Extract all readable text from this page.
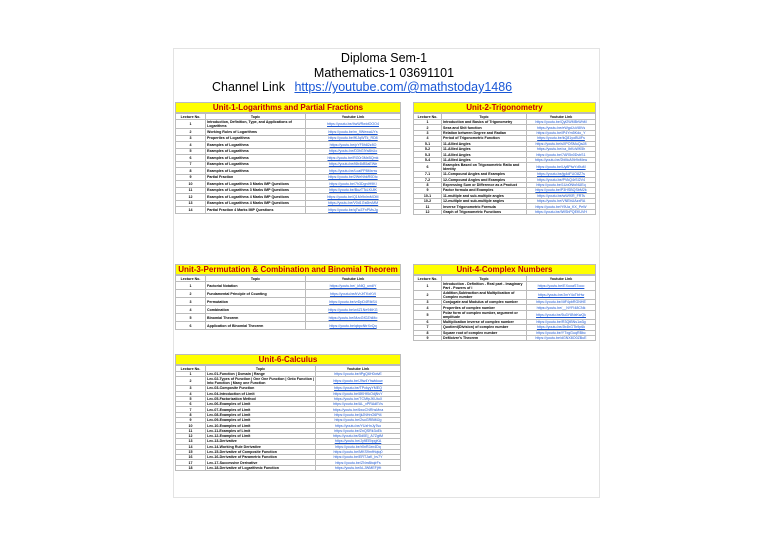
Diploma Sem-1
Mathematics-1 03691101
Channel Link https://youtube.com/@mathstoday1486
Unit-1-Logarithms and Partial Fractions
Lecture No.	Topic	Youtube Link
1	Introduction, Definition, Type, and Applications of Logarithms	https://youtu.be/4wWRwidOOO4
2	Working Rules of Logarithms	https://youtu.be/m_9WewaUYs
3	Properties of Logarithms	https://youtu.be/fKJqWTk_RD8
4	Examples of Logarithms	https://youtu.be/pYF5h82z8O
5	Examples of Logarithms	https://youtu.be/D3hGlYa8bUo
6	Examples of Logarithms	https://youtu.be/RG0r3MxBQmk
7	Examples of Logarithms	https://youtu.be/i6b4kB5aEWe
8	Examples of Logarithms	https://youtu.be/LcaiFP8Mxnw
9	Partial Fraction	https://youtu.be/2WeNhkR0Dtc
10	Examples of Logarithms 3 Marks IMP Questions	https://youtu.be/7h3DgnIH9KI
11	Examples of Logarithms 3 Marks IMP Questions	https://youtu.be/BuzTTcLKUlK
12	Examples of Logarithms 4 Marks IMP Questions	https://youtu.be/Q1Mr9nlmMOM
13	Examples of Logarithms 4 Marks IMP Questions	https://youtu.be/V0d1Gs6bvMM
14	Partial Fraction 4 Marks IMP Questions	https://youtu.be/qTwZFnPMsJg
Unit-2-Trigonometry
Lecture No.	Topic	Youtube Link
1	Introduction and Basics of Trigonometry	https://youtu.be/Qyl2WMBrWhM
2	Sexa and Shit function	https://youtu.be/eWgdJuV8IVs
3	Relation between Degree and Radian	https://youtu.be/lP4Ym5Kdo_Y
4	Period of Trigonometric Function	https://youtu.be/kQ81yoBUlFs
5-1	11-Allied Angles	https://youtu.be/sXPOSMuQaJ8
5-2	11-Allied Angles	https://youtu.be/xa_IbKoWK5h
5-3	11-Allied Angles	https://youtu.be/7AR5x0DvbS1
5-4	11-Allied Angles	https://youtu.be/2bMcA9Ir9xMxw
6	Examples Based on Trigonometric Ratio and Identity	https://youtu.be/Uy8PlwYd9uM
7-1	11-Compound Angles and Examples	https://youtu.be/jg4dFUO8Z7s
7-2	12-Compound Angles and Examples	https://youtu.be/PVkQ4rSI2V4
8	Expressing Sum or Difference as a Product	https://youtu.be/1Uo0NfoNUEq
9	Factor formula and Examples	https://youtu.be/P3HSBQSbM2k
10-1	11-multiple and sub-multiple angles	https://youtu.be/wWfXR_FRTs
10-2	12-multiple and sub-multiple angles	https://youtu.be/VNEbUAzxRA
11	Inverse Trigonometric Formula	https://youtu.be/Y9Ua_KX_PeW
12	Graph of Trigonometric Functions	https://youtu.be/IWShPQEKUVH
Unit-3-Permutation & Combination and Binomial Theorem
Lecture No.	Topic	Youtube Link
1	Factorial Notation	https://youtu.be/_kNlQ_undlY
2	Fundamental Principle of Counting	https://youtu.be/kVrJrTKxKVI
3	Permutation	https://youtu.be/vrDpD4RIkS4
4	Combination	https://youtu.be/w4Z1Ne94tKG
5	Binomial Theorem	https://youtu.be/MzcGfOZhiMo
6	Application of Binomial Theorem	https://youtu.be/qbpcNtrXvQq
Unit-4-Complex Numbers
Lecture No.	Topic	Youtube Link
1	Introduction - Definition - Real part - Imaginary Part - Powers of i	https://youtu.be/EXuoaS7ooo
2	Addition,Subtraction and Multiplication of Complex number	https://youtu.be/JnrY4oTbHw
3	Conjugate and Modulus of complex number	https://youtu.be/4tF4pbRGNHE
4	Properties of complex number	https://youtu.be/__NYFI48CNk
5	Polar form of complex number, argument or amplitude	https://youtu.be/5u3Y8NxKwQk
6	Multiplication inverse of complex number	https://youtu.be/R3QtBNs1w3g
7	Quotient(Division) of complex number	https://youtu.be/Jb4hGTb9p6k
8	Square root of complex number	https://youtu.be/YTxgGuqRBbc
9	DeMoivre's Theorem	https://youtu.be/dGNX8O0ZBuE
Unit-6-Calculus
Lecture No.	Topic	Youtube Link
1	Lec-01-Function | Domain | Range	https://youtu.be/tPgQ6H0otvE
2	Lec-02-Types of Function | One One Function | Onto Function | Into Function | Many one Function	https://youtu.be/J9w4Yhwkkuw
3	Lec-03-Composite Function	https://youtu.be/TPckyyYMEQ
4	Lec-04-Introduction of Limit	https://youtu.be/8KHKkOdjNvY
5	Lec-05-Factorization Method	https://youtu.be/TCMfpJKUtuX
6	Lec-06-Examples of Limit	https://youtu.be/AL_vPRAdEVs
7	Lec-07-Examples of Limit	https://youtu.be/6wcCNRhsMna
8	Lec-08-Examples of Limit	https://youtu.be/jkJNHnO6Pt4
9	Lec-09-Examples of Limit	https://youtu.be/2soGRBtMJg
10	Lec-10-Examples of Limit	https://youtu.be/YUzHnJyTso
11	Lec-11-Examples of Limit	https://youtu.be/ZnQSRk3oEk
12	Lec-12-Examples of Limit	https://youtu.be/Dd0Ej_A7ZgtM
13	Lec-13-Derivative	https://youtu.be/JyfiEEbpgKA
14	Lec-14-Working Rule Derivative	https://youtu.be/r0nRJzn4Dq
15	Lec-15-Derivative of Composite Function	https://youtu.be/MKS9mfHqtq0
16	Lec-16-Derivative of Parametric Function	https://youtu.be/ERTJaK_bv7Y
17	Lec-17-Successive Derivative	https://youtu.be/ZNm8bqlrFs
18	Lec-18-Derivative of Logarithmic Function	https://youtu.be/kLJWMEFjHt
